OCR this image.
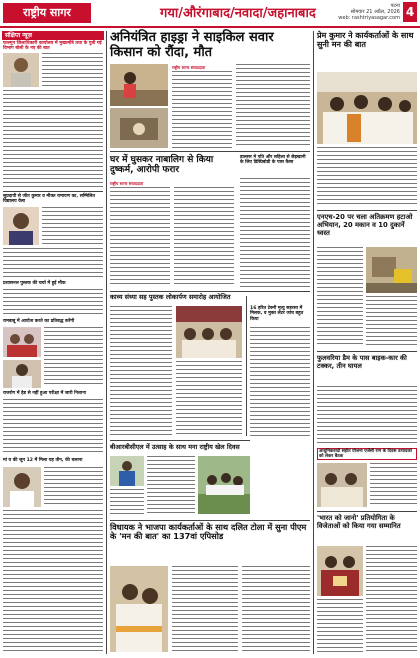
राष्ट्रीय सागर	गया/औरंगाबाद/नवादा/जहानाबाद	पटना
सोमवार 21 अप्रैल, 2026
web: rashtriyasagar.com 4
संक्षिप्त न्यूज़
फाल्गुन जिलाधिकारी कार्यालय में मुख्यमंत्रि तथा के पुत्री गई विभाग बोली के नए की बात
सुप्रदायी से जीत कुमार व मौक्त रामायण का, सम्मिलित विद्यालय वेला
प्रशासनल पुस्तक की चर्चा में हुई मौक
रामबाबू में आयोज करते का प्रतिबद्ध करेंगी
राजरोग में हेड से नहीं हुआ परीक्षा में जारी निशाना
मां व की जून 12 में मिला यह तीन, की चलाना
अनियंत्रित हाइड्रा ने साइकिल सवार किसान को रौंदा, मौत
राष्ट्रीय सागर संवाददाता
घर में घुसकर नाबालिग से किया दुष्कर्म, आरोपी फरार
राष्ट्रीय सागर संवाददाता
डालसर मे पति और सहिला से छेड़खानी के लिए डिस्प्रिबोडी के पास कैसा
काव्य संध्या सह पुस्तक लोकार्पण समारोह आयोजित
16 हरित टेक्नी मृत्यु सहरसा में मिलक, व मुक्त लेटर जांच बहुत किया
बीआरबीसीएल में उत्साह के साथ मना राष्ट्रीय खेल दिवस
विधायक ने भाजपा कार्यकर्ताओं के साथ दलित टोला में सुना पीएम के 'मन की बात' का 137वां एपिसोड
प्रेम कुमार ने कार्यकर्ताओं के साथ सुनी मन की बात
एनएच-20 पर चला अतिक्रमण हटाओ अभियान, 20 मकान व 10 दुकानें ध्वस्त
फुलवरिया डैम के पास बाइक-कार की टक्कर, तीन घायल
आधुनिकवादी सहीत योजना एजेंसी राम के दिवस उत्पादकों को लेकर बैठक
'भारत को जानो' प्रतियोगिता के विजेताओं को किया गया सम्मानित
